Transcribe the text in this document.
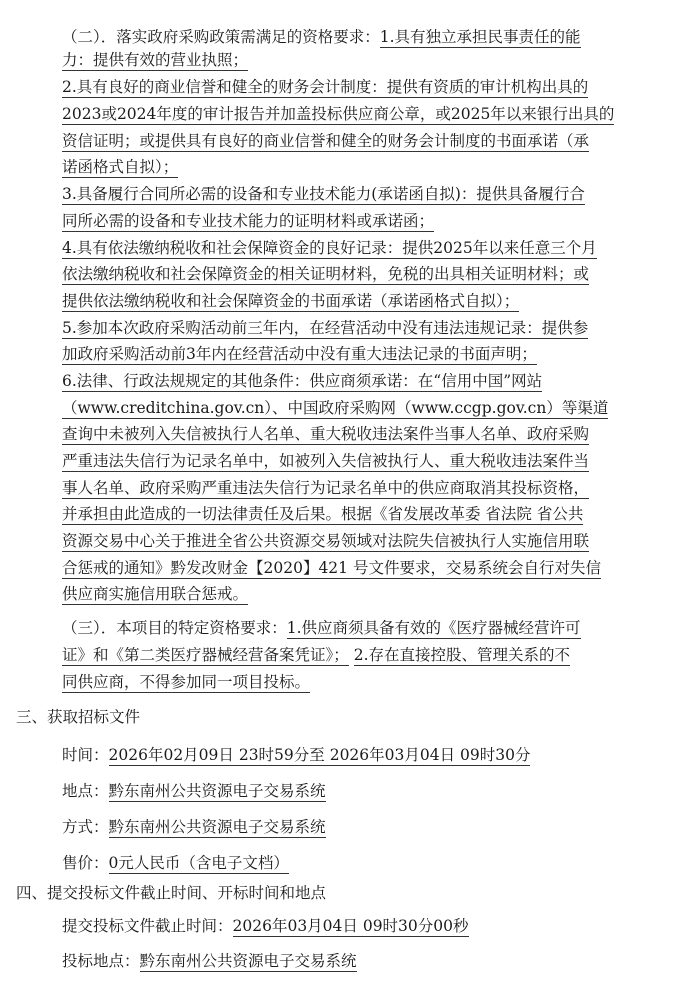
（二）．落实政府采购政策需满足的资格要求：1.具有独立承担民事责任的能
力：提供有效的营业执照；
2.具有良好的商业信誉和健全的财务会计制度：提供有资质的审计机构出具的
2023或2024年度的审计报告并加盖投标供应商公章，或2025年以来银行出具的
资信证明；或提供具有良好的商业信誉和健全的财务会计制度的书面承诺（承
诺函格式自拟）；
3.具备履行合同所必需的设备和专业技术能力(承诺函自拟)：提供具备履行合
同所必需的设备和专业技术能力的证明材料或承诺函；
4.具有依法缴纳税收和社会保障资金的良好记录：提供2025年以来任意三个月
依法缴纳税收和社会保障资金的相关证明材料，免税的出具相关证明材料；或
提供依法缴纳税收和社会保障资金的书面承诺（承诺函格式自拟）；
5.参加本次政府采购活动前三年内，在经营活动中没有违法违规记录：提供参
加政府采购活动前3年内在经营活动中没有重大违法记录的书面声明；
6.法律、行政法规规定的其他条件：供应商须承诺：在“信用中国”网站
（www.creditchina.gov.cn）、中国政府采购网（www.ccgp.gov.cn）等渠道
查询中未被列入失信被执行人名单、重大税收违法案件当事人名单、政府采购
严重违法失信行为记录名单中，如被列入失信被执行人、重大税收违法案件当
事人名单、政府采购严重违法失信行为记录名单中的供应商取消其投标资格，
并承担由此造成的一切法律责任及后果。根据《省发展改革委 省法院 省公共
资源交易中心关于推进全省公共资源交易领域对法院失信被执行人实施信用联
合惩戒的通知》黔发改财金【2020】421 号文件要求，交易系统会自行对失信
供应商实施信用联合惩戒。
（三）．本项目的特定资格要求：1.供应商须具备有效的《医疗器械经营许可
证》和《第二类医疗器械经营备案凭证》； 2.存在直接控股、管理关系的不
同供应商，不得参加同一项目投标。
三、获取招标文件
时间：2026年02月09日 23时59分至 2026年03月04日 09时30分
地点：黔东南州公共资源电子交易系统
方式：黔东南州公共资源电子交易系统
售价：0元人民币（含电子文档）
四、提交投标文件截止时间、开标时间和地点
提交投标文件截止时间：2026年03月04日 09时30分00秒
投标地点：黔东南州公共资源电子交易系统
